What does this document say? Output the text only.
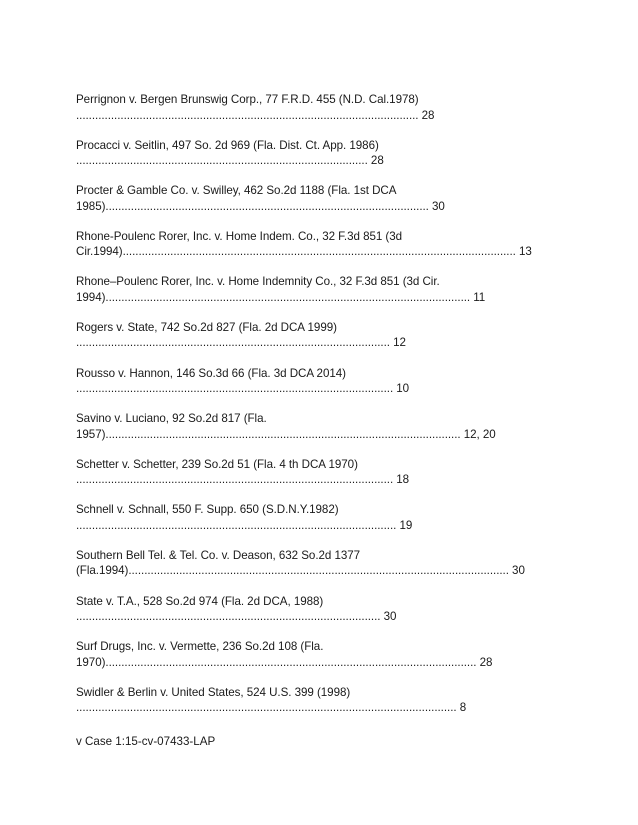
Perrignon v. Bergen Brunswig Corp., 77 F.R.D. 455 (N.D. Cal.1978)
............................................................................................................ 28
Procacci v. Seitlin, 497 So. 2d 969 (Fla. Dist. Ct. App. 1986)
............................................................................................ 28
Procter & Gamble Co. v. Swilley, 462 So.2d 1188 (Fla. 1st DCA
1985)...................................................................................................... 30
Rhone-Poulenc Rorer, Inc. v. Home Indem. Co., 32 F.3d 851 (3d
Cir.1994)............................................................................................................................ 13
Rhone–Poulenc Rorer, Inc. v. Home Indemnity Co., 32 F.3d 851 (3d Cir.
1994)................................................................................................................... 11
Rogers v. State, 742 So.2d 827 (Fla. 2d DCA 1999)
................................................................................................... 12
Rousso v. Hannon, 146 So.3d 66 (Fla. 3d DCA 2014)
.................................................................................................... 10
Savino v. Luciano, 92 So.2d 817 (Fla.
1957)................................................................................................................ 12, 20
Schetter v. Schetter, 239 So.2d 51 (Fla. 4 th DCA 1970)
.................................................................................................... 18
Schnell v. Schnall, 550 F. Supp. 650 (S.D.N.Y.1982)
..................................................................................................... 19
Southern Bell Tel. & Tel. Co. v. Deason, 632 So.2d 1377
(Fla.1994)........................................................................................................................ 30
State v. T.A., 528 So.2d 974 (Fla. 2d DCA, 1988)
................................................................................................ 30
Surf Drugs, Inc. v. Vermette, 236 So.2d 108 (Fla.
1970)..................................................................................................................... 28
Swidler & Berlin v. United States, 524 U.S. 399 (1998)
........................................................................................................................ 8
v Case 1:15-cv-07433-LAP
